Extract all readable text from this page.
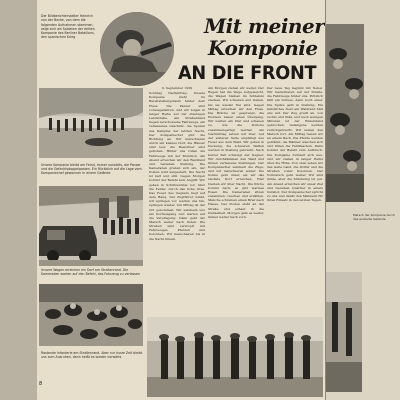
Der Bildberichterstatter Heinrich von der Becke, von dem die folgenden Aufnahmen stammen, zeigt sich als Soldaten der dritten Kompanie des Berliner Bataillons, den spanischen Krieg	Mit meiner
Komponie
AN DIE FRONT
Unsere Kompanie bleibt am Feind, immer vorwärts, die Panzer und die Gefechtsdoppelposten. Ein Rückblick auf die Lage vom Kompaniechef gewonnen in einem Gelände
Unsere Wagen erreichen ein Dorf am Straßenrand. Die Kameraden warten auf den Befehl, das Fahrzeug zu verlassen
Rastende Infanterie am Straßenrand. Aber nur kurze Zeit bleibt uns zum Ausruhen, dann heißt es wieder vorwärts
6. September 1939
Sonntag Nachmittag. Unsere Kompanie steht im Bereitstellungsraum hinter dem Fluss. Die Panzer sind vorausgefahren, und wir folgen in langer Reihe auf der staubigen Landstraße. Am Straßenrand liegen zerschossene Fahrzeuge, ein verlassenes Geschütz, die Spuren des Kampfes der letzten Nacht. Der Kompaniechef gibt die Richtung an. Wir marschieren durch ein kleines Dorf, die Häuser sind leer, die Bewohner sind geflohen. Hinter uns rollen die Fahrzeuge mit der Munition. Am Abend erreichen wir den Waldrand und beziehen Stellung. Die Kameraden graben sich ein, der Posten wird aufgestellt. Die Nacht ist kalt und still. Gegen Morgen kommt der Befehl zum Angriff. Wir gehen in Schützenlinie vor, über die Felder, durch das hohe Gras. Das Feuer des Gegners liegt auf dem Hang. Der Zugführer winkt, wir springen vor, werfen uns hin, springen wieder. Um Mittag ist der Ort genommen. Wir sammeln uns am Dorfausgang und warten auf die Verpflegung. Dann geht der Marsch weiter nach Osten. Die Straßen sind verstopft mit Fahrzeugen, Pferden und Kolonnen. Wir marschieren bis in die Nacht hinein.
Am Morgen ziehen wir weiter. Der Regen hat die Wege aufgeweicht, die Wagen bleiben im Schlamm stecken. Wir schieben und ziehen, bis sie wieder frei sind. Gegen Mittag erreichen wir den Fluss. Die Brücke ist gesprengt, die Pioniere bauen einen Übergang. Wir warten am Ufer und schauen zu, wie die Pontons zusammengefügt werden. Am Nachmittag setzen wir über. Auf der anderen Seite empfängt uns Feuer aus dem Wald. Wir gehen in Deckung, die schweren Waffen werden in Stellung gebracht. Nach kurzer Zeit schweigt der Gegner. Wir durchkämmen den Wald und finden verlassene Stellungen. Der Kompaniechef sammelt die Züge, und wir marschieren weiter. Die Sonne geht unter, als wir das nächste Dorf erreichen. Hier bleiben wir über Nacht. Die Küche kommt nach, es gibt warmes Essen. Die Kameraden sitzen zusammen, rauchen und erzählen. Manche schreiben einen Brief nach Hause. Der Posten steht an der Straße und schaut in die Dunkelheit. Morgen geht es weiter, immer weiter nach vorn.
Der neue Tag beginnt mit Nebel. Wir marschieren auf der Straße, die Fahrzeuge hinter uns. Plötzlich fällt ein Schuss, dann noch einer. Die Spitze geht in Stellung. Ein feindliches Nest am Waldrand hält uns auf. Der Zug greift an, von rechts und links, und nach wenigen Minuten ist der Widerstand gebrochen. Gefangene werden zurückgebracht. Wir setzen den Marsch fort. Am Mittag rasten wir an einem Bach. Die Pferde werden getränkt, die Männer waschen sich und füllen die Feldflaschen. Dann kommt der Befehl zum Aufbruch. Die Kompanie formiert sich neu, und wir ziehen in langer Reihe über die Höhe. Von oben sehen wir das weite Land, die Dörfer und die Straßen voller Kolonnen. Der Vormarsch geht weiter. Wir sind müde, aber die Stimmung ist gut. Am Abend erreichen wir unser Ziel und beziehen Quartier in einem Gutshof. Der Kompaniechef spricht zu uns und dankt den Männern für ihren Einsatz in den letzten Tagen.
8
Marsch der Kompanie durch das eroberte Gelände
